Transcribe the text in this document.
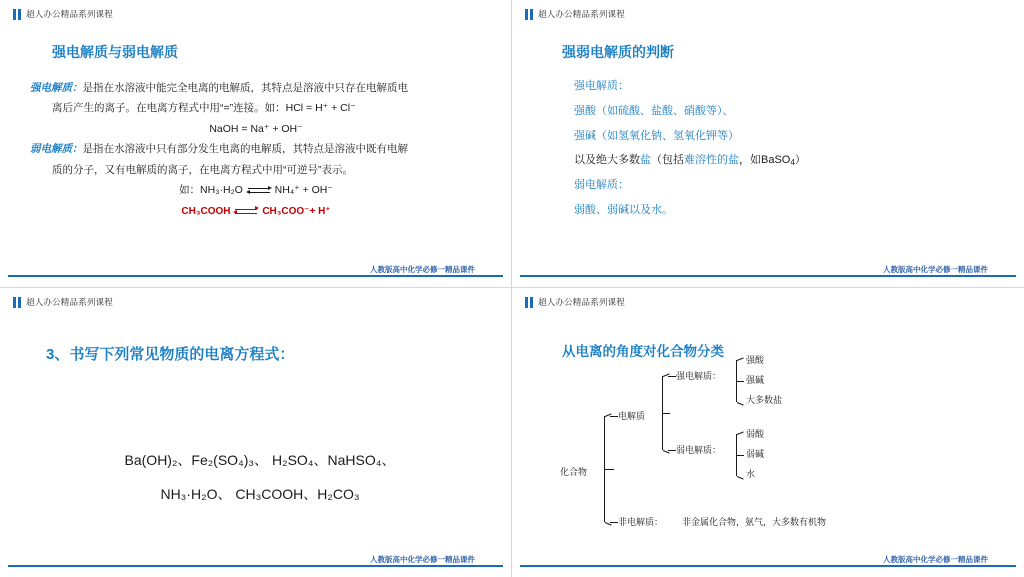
超人办公精品系列课程
强电解质与弱电解质
强电解质：是指在水溶液中能完全电离的电解质，其特点是溶液中只存在电解质电
离后产生的离子。在电离方程式中用“=”连接。如：HCl = H⁺ + Cl⁻
NaOH = Na⁺ + OH⁻
弱电解质：是指在水溶液中只有部分发生电离的电解质，其特点是溶液中既有电解
质的分子，又有电解质的离子，在电离方程式中用“可逆号”表示。
如：NH₃·H₂O	NH₄⁺ + OH⁻
CH₃COOH	CH₃COO⁻+ H⁺
人教版高中化学必修一精品课件
超人办公精品系列课程
强弱电解质的判断
强电解质：
强酸（如硫酸、盐酸、硝酸等）、
强碱（如氢氧化钠、氢氧化钾等）
以及绝大多数盐（包括难溶性的盐，如BaSO4）
弱电解质：
弱酸、弱碱以及水。
人教版高中化学必修一精品课件
超人办公精品系列课程
3、书写下列常见物质的电离方程式：
Ba(OH)₂、Fe₂(SO₄)₃、 H₂SO₄、NaHSO₄、
NH₃·H₂O、 CH₃COOH、H₂CO₃
人教版高中化学必修一精品课件
超人办公精品系列课程
从电离的角度对化合物分类
化合物
电解质
强电解质：
强酸
强碱
大多数盐
弱电解质：
弱酸
弱碱
水
非电解质： 非金属化合物，氨气，大多数有机物
人教版高中化学必修一精品课件
